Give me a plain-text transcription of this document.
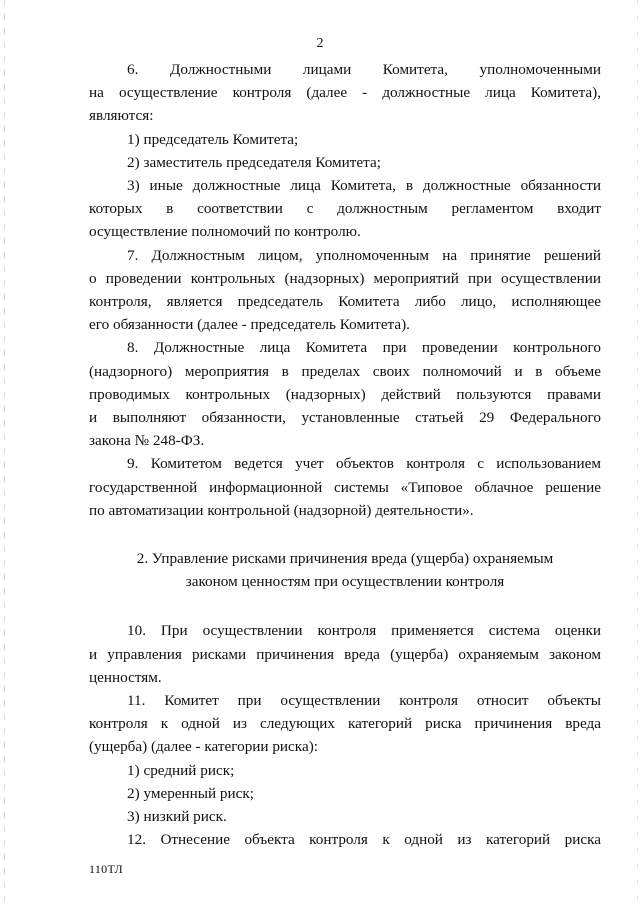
2

6. Должностными лицами Комитета, уполномоченными

на осуществление контроля (далее - должностные лица Комитета),

являются:

1) председатель Комитета;

2) заместитель председателя Комитета;

3) иные должностные лица Комитета, в должностные обязанности

которых в соответствии с должностным регламентом входит

осуществление полномочий по контролю.

7. Должностным лицом, уполномоченным на принятие решений

о проведении контрольных (надзорных) мероприятий при осуществлении

контроля, является председатель Комитета либо лицо, исполняющее

его обязанности (далее - председатель Комитета).

8. Должностные лица Комитета при проведении контрольного

(надзорного) мероприятия в пределах своих полномочий и в объеме

проводимых контрольных (надзорных) действий пользуются правами

и выполняют обязанности, установленные статьей 29 Федерального

закона № 248-ФЗ.

9. Комитетом ведется учет объектов контроля с использованием

государственной информационной системы «Типовое облачное решение

по автоматизации контрольной (надзорной) деятельности».

2. Управление рисками причинения вреда (ущерба) охраняемым

законом ценностям при осуществлении контроля

10. При осуществлении контроля применяется система оценки

и управления рисками причинения вреда (ущерба) охраняемым законом

ценностям.

11. Комитет при осуществлении контроля относит объекты

контроля к одной из следующих категорий риска причинения вреда

(ущерба) (далее - категории риска):

1) средний риск;

2) умеренный риск;

3) низкий риск.

12. Отнесение объекта контроля к одной из категорий риска

110ТЛ
